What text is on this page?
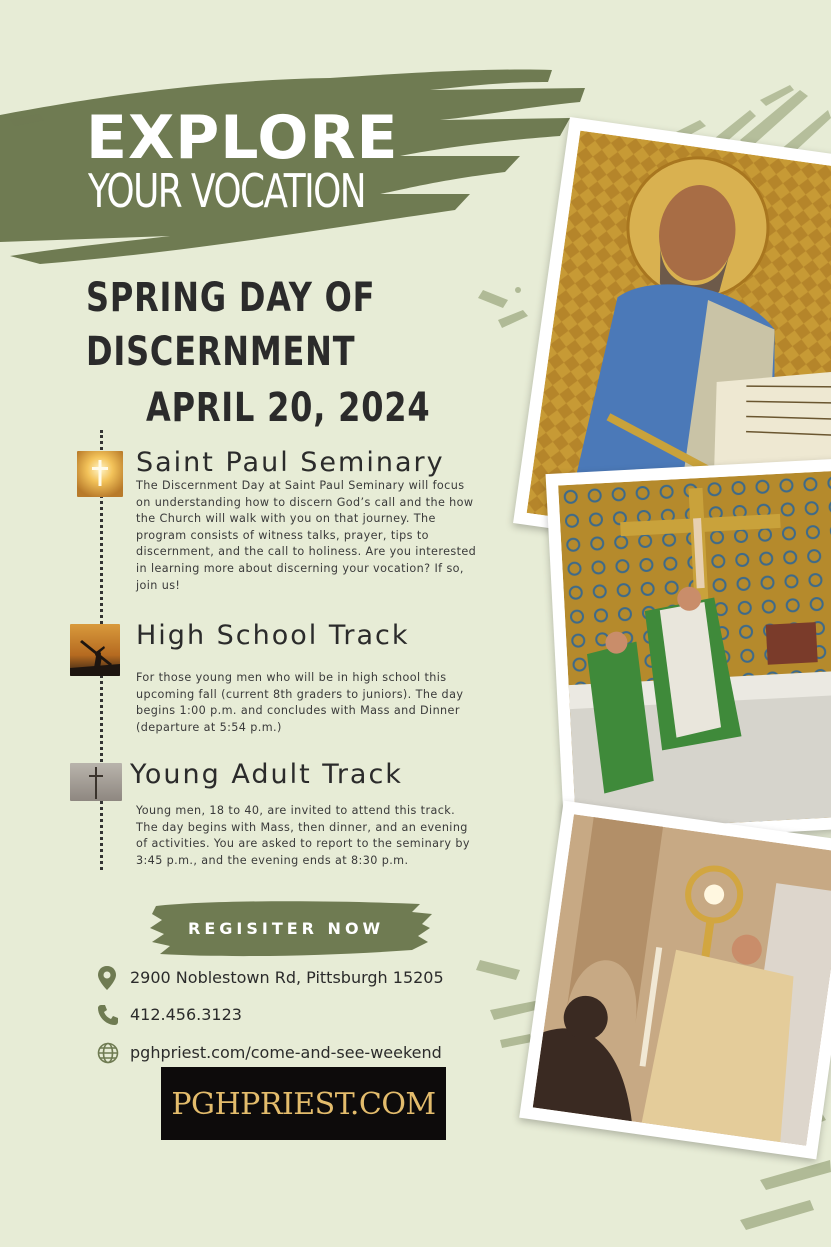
EXPLORE
YOUR VOCATION
SPRING DAY OF
DISCERNMENT
APRIL 20, 2024
Saint Paul Seminary
The Discernment Day at Saint Paul Seminary will focus on understanding how to discern God’s call and the how the Church will walk with you on that journey. The program consists of witness talks, prayer, tips to discernment, and the call to holiness. Are you interested in learning more about discerning your vocation? If so, join us!
High School Track
For those young men who will be in high school this upcoming fall (current 8th graders to juniors). The day begins 1:00 p.m. and concludes with Mass and Dinner (departure at 5:54 p.m.)
Young Adult Track
Young men, 18 to 40, are invited to attend this track. The day begins with Mass, then dinner, and an evening of activities. You are asked to report to the seminary by 3:45 p.m., and the evening ends at 8:30 p.m.
REGISITER NOW
2900 Noblestown Rd, Pittsburgh 15205
412.456.3123
pghpriest.com/come-and-see-weekend
PGHPRIEST.COM
